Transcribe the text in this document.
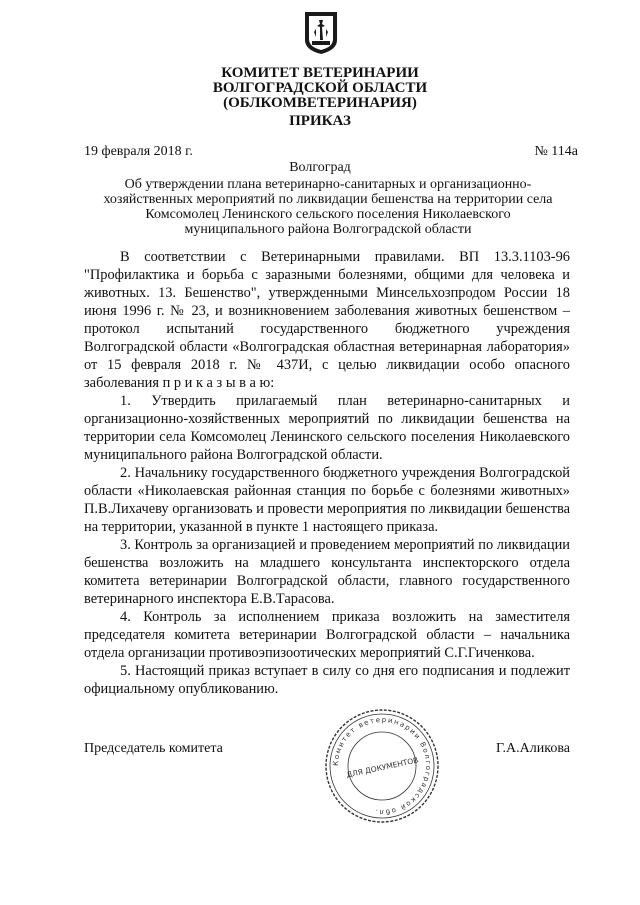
КОМИТЕТ ВЕТЕРИНАРИИ
ВОЛГОГРАДСКОЙ ОБЛАСТИ
(ОБЛКОМВЕТЕРИНАРИЯ)
ПРИКАЗ
19 февраля 2018 г.	№ 114а
Волгоград
Об утверждении плана ветеринарно-санитарных и организационно-хозяйственных мероприятий по ликвидации бешенства на территории села Комсомолец Ленинского сельского поселения Николаевского муниципального района Волгоградской области

В соответствии с Ветеринарными правилами. ВП 13.3.1103-96 "Профилактика и борьба с заразными болезнями, общими для человека и животных. 13. Бешенство", утвержденными Минсельхозпродом России 18 июня 1996 г. № 23, и возникновением заболевания животных бешенством – протокол испытаний государственного бюджетного учреждения Волгоградской области «Волгоградская областная ветеринарная лаборатория» от 15 февраля 2018 г. № 437И, с целью ликвидации особо опасного заболевания п р и к а з ы в а ю:

1. Утвердить прилагаемый план ветеринарно-санитарных и организационно-хозяйственных мероприятий по ликвидации бешенства на территории села Комсомолец Ленинского сельского поселения Николаевского муниципального района Волгоградской области.

2. Начальнику государственного бюджетного учреждения Волгоградской области «Николаевская районная станция по борьбе с болезнями животных» П.В.Лихачеву организовать и провести мероприятия по ликвидации бешенства на территории, указанной в пункте 1 настоящего приказа.

3. Контроль за организацией и проведением мероприятий по ликвидации бешенства возложить на младшего консультанта инспекторского отдела комитета ветеринарии Волгоградской области, главного государственного ветеринарного инспектора Е.В.Тарасова.

4. Контроль за исполнением приказа возложить на заместителя председателя комитета ветеринарии Волгоградской области – начальника отдела организации противоэпизоотических мероприятий С.Г.Гиченкова.

5. Настоящий приказ вступает в силу со дня его подписания и подлежит официальному опубликованию.

Председатель комитета	Г.А.Аликова
Комитет ветеринарии Волгоградской обл.
ДЛЯ ДОКУМЕНТОВ
